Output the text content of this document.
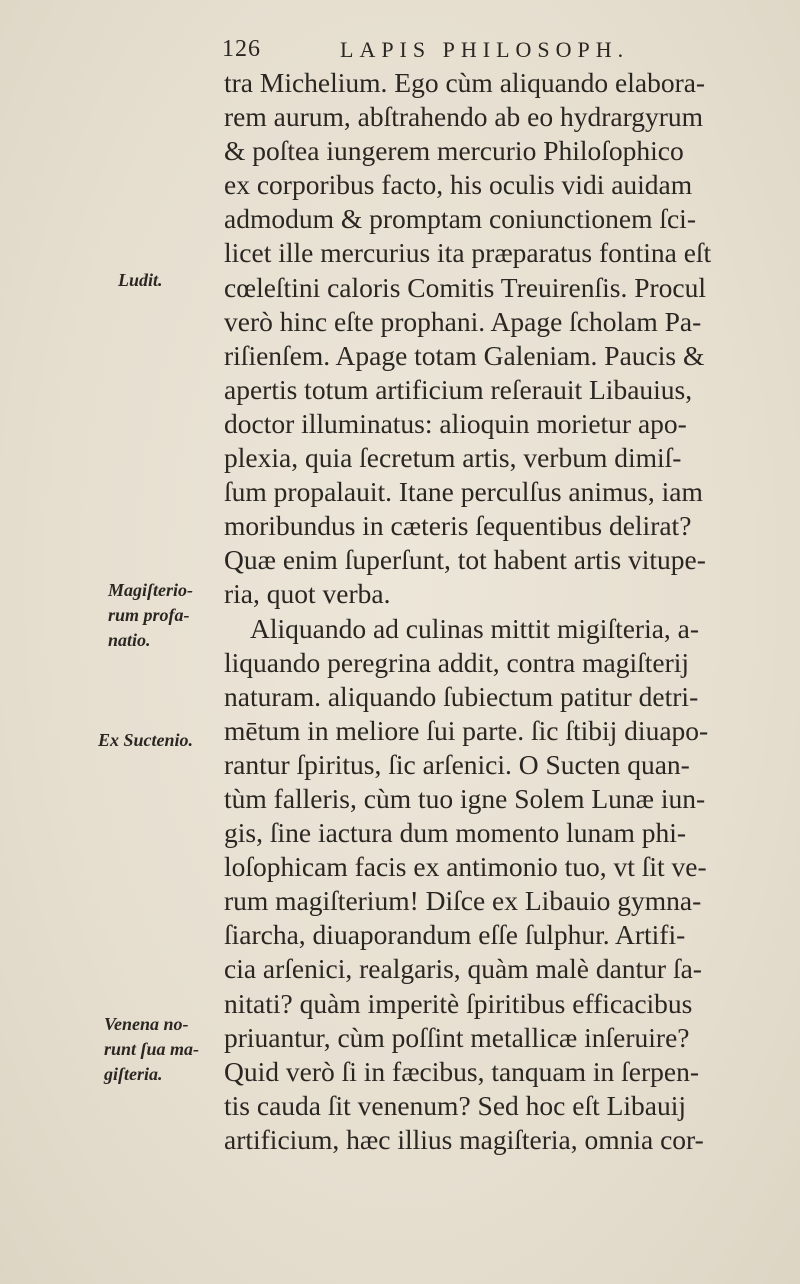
126	LAPIS PHILOSOPH.
tra Michelium. Ego cùm aliquando elabora-
rem aurum, abſtrahendo ab eo hydrargyrum
& poſtea iungerem mercurio Philoſophico
ex corporibus facto, his oculis vidi auidam
admodum & promptam coniunctionem ſci-
licet ille mercurius ita præparatus fontina eſt
cœleſtini caloris Comitis Treuirenſis. Procul
verò hinc eſte prophani. Apage ſcholam Pa-
riſienſem. Apage totam Galeniam. Paucis &
apertis totum artificium reſerauit Libauius,
doctor illuminatus: alioquin morietur apo-
plexia, quia ſecretum artis, verbum dimiſ-
ſum propalauit. Itane perculſus animus, iam
moribundus in cæteris ſequentibus delirat?
Quæ enim ſuperſunt, tot habent artis vitupe-
ria, quot verba.
Aliquando ad culinas mittit migiſteria, a-
liquando peregrina addit, contra magiſterij
naturam. aliquando ſubiectum patitur detri-
mētum in meliore ſui parte. ſic ſtibij diuapo-
rantur ſpiritus, ſic arſenici. O Sucten quan-
tùm falleris, cùm tuo igne Solem Lunæ iun-
gis, ſine iactura dum momento lunam phi-
loſophicam facis ex antimonio tuo, vt ſit ve-
rum magiſterium! Diſce ex Libauio gymna-
ſiarcha, diuaporandum eſſe ſulphur. Artifi-
cia arſenici, realgaris, quàm malè dantur ſa-
nitati? quàm imperitè ſpiritibus efficacibus
priuantur, cùm poſſint metallicæ inſeruire?
Quid verò ſi in fæcibus, tanquam in ſerpen-
tis cauda ſit venenum? Sed hoc eſt Libauij
artificium, hæc illius magiſteria, omnia cor-
Ludit.
Magiſterio-
rum profa-
natio.
Ex Suctenio.
Venena no-
runt ſua ma-
giſteria.
